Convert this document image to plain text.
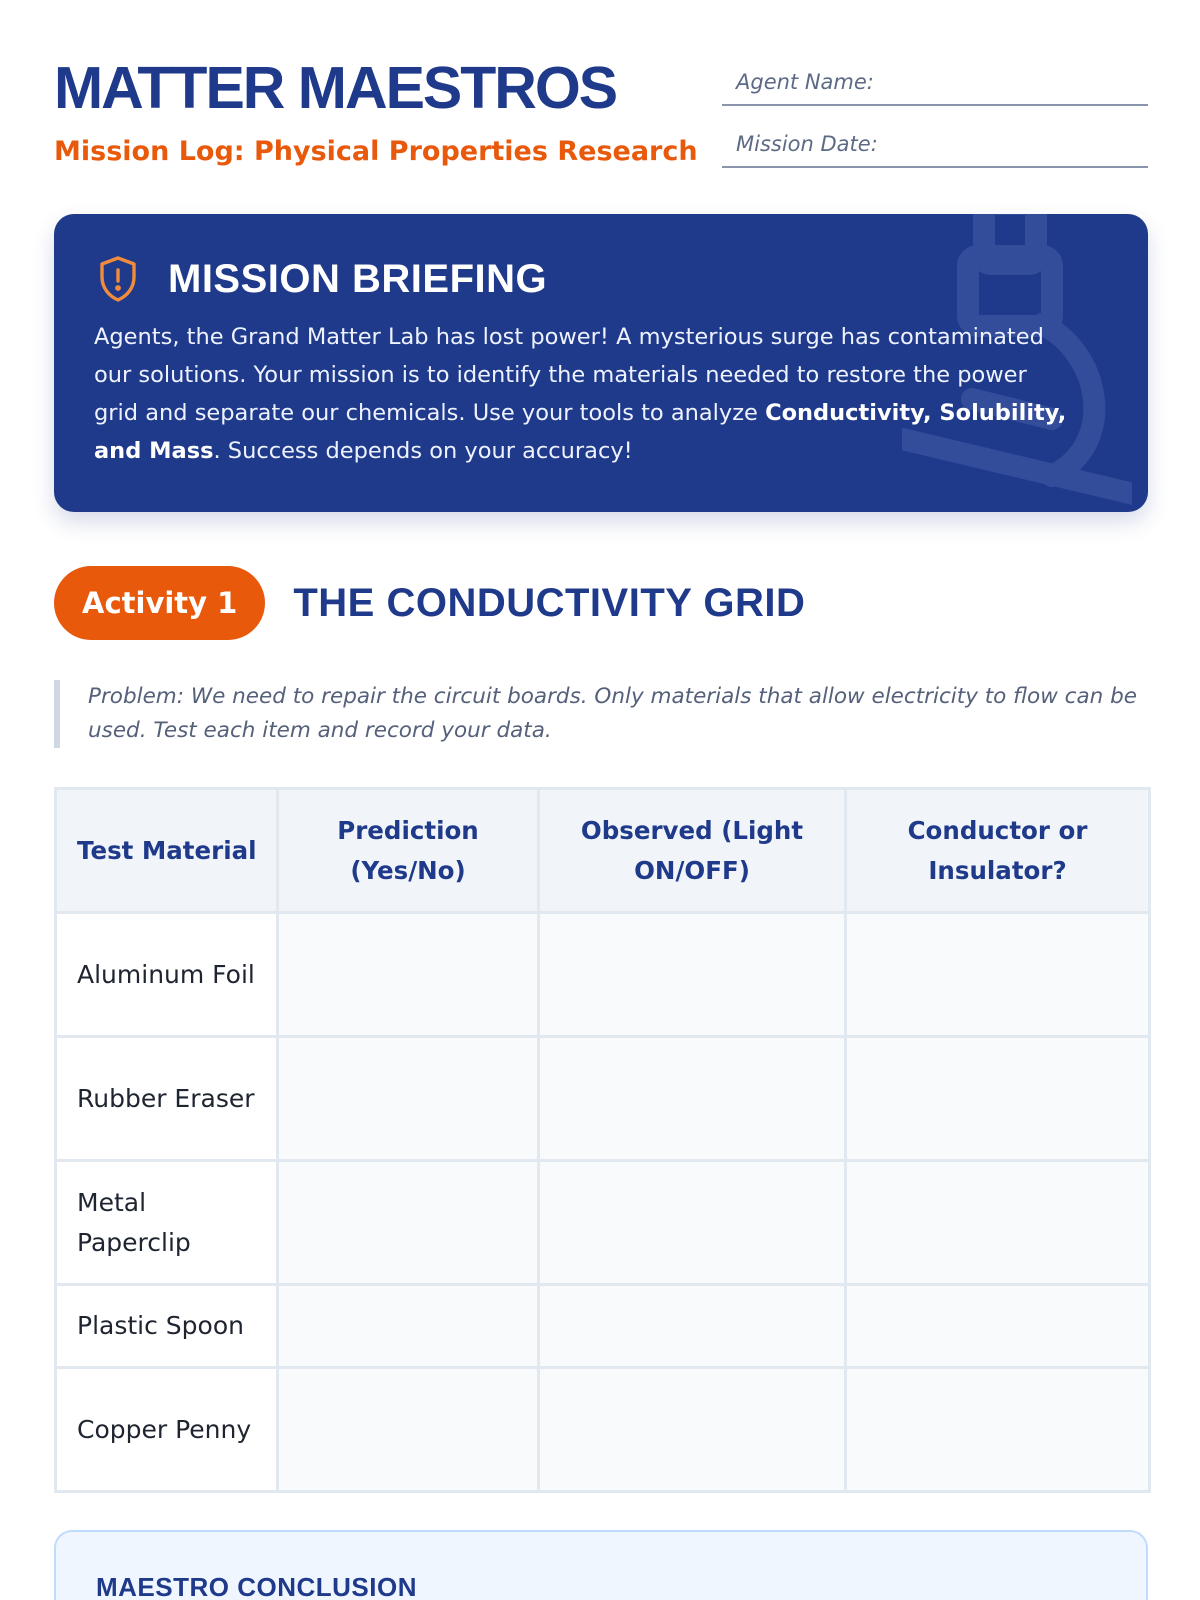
MATTER MAESTROS
Mission Log: Physical Properties Research
Agent Name:
Mission Date:
MISSION BRIEFING
Agents, the Grand Matter Lab has lost power! A mysterious surge has contaminated our solutions. Your mission is to identify the materials needed to restore the power grid and separate our chemicals. Use your tools to analyze Conductivity, Solubility, and Mass. Success depends on your accuracy!
Activity 1	THE CONDUCTIVITY GRID
Problem: We need to repair the circuit boards. Only materials that allow electricity to flow can be used. Test each item and record your data.
Test Material	Prediction (Yes/No)	Observed (Light ON/OFF)	Conductor or Insulator?
Aluminum Foil			
Rubber Eraser			
Metal Paperclip			
Plastic Spoon			
Copper Penny			
MAESTRO CONCLUSION
